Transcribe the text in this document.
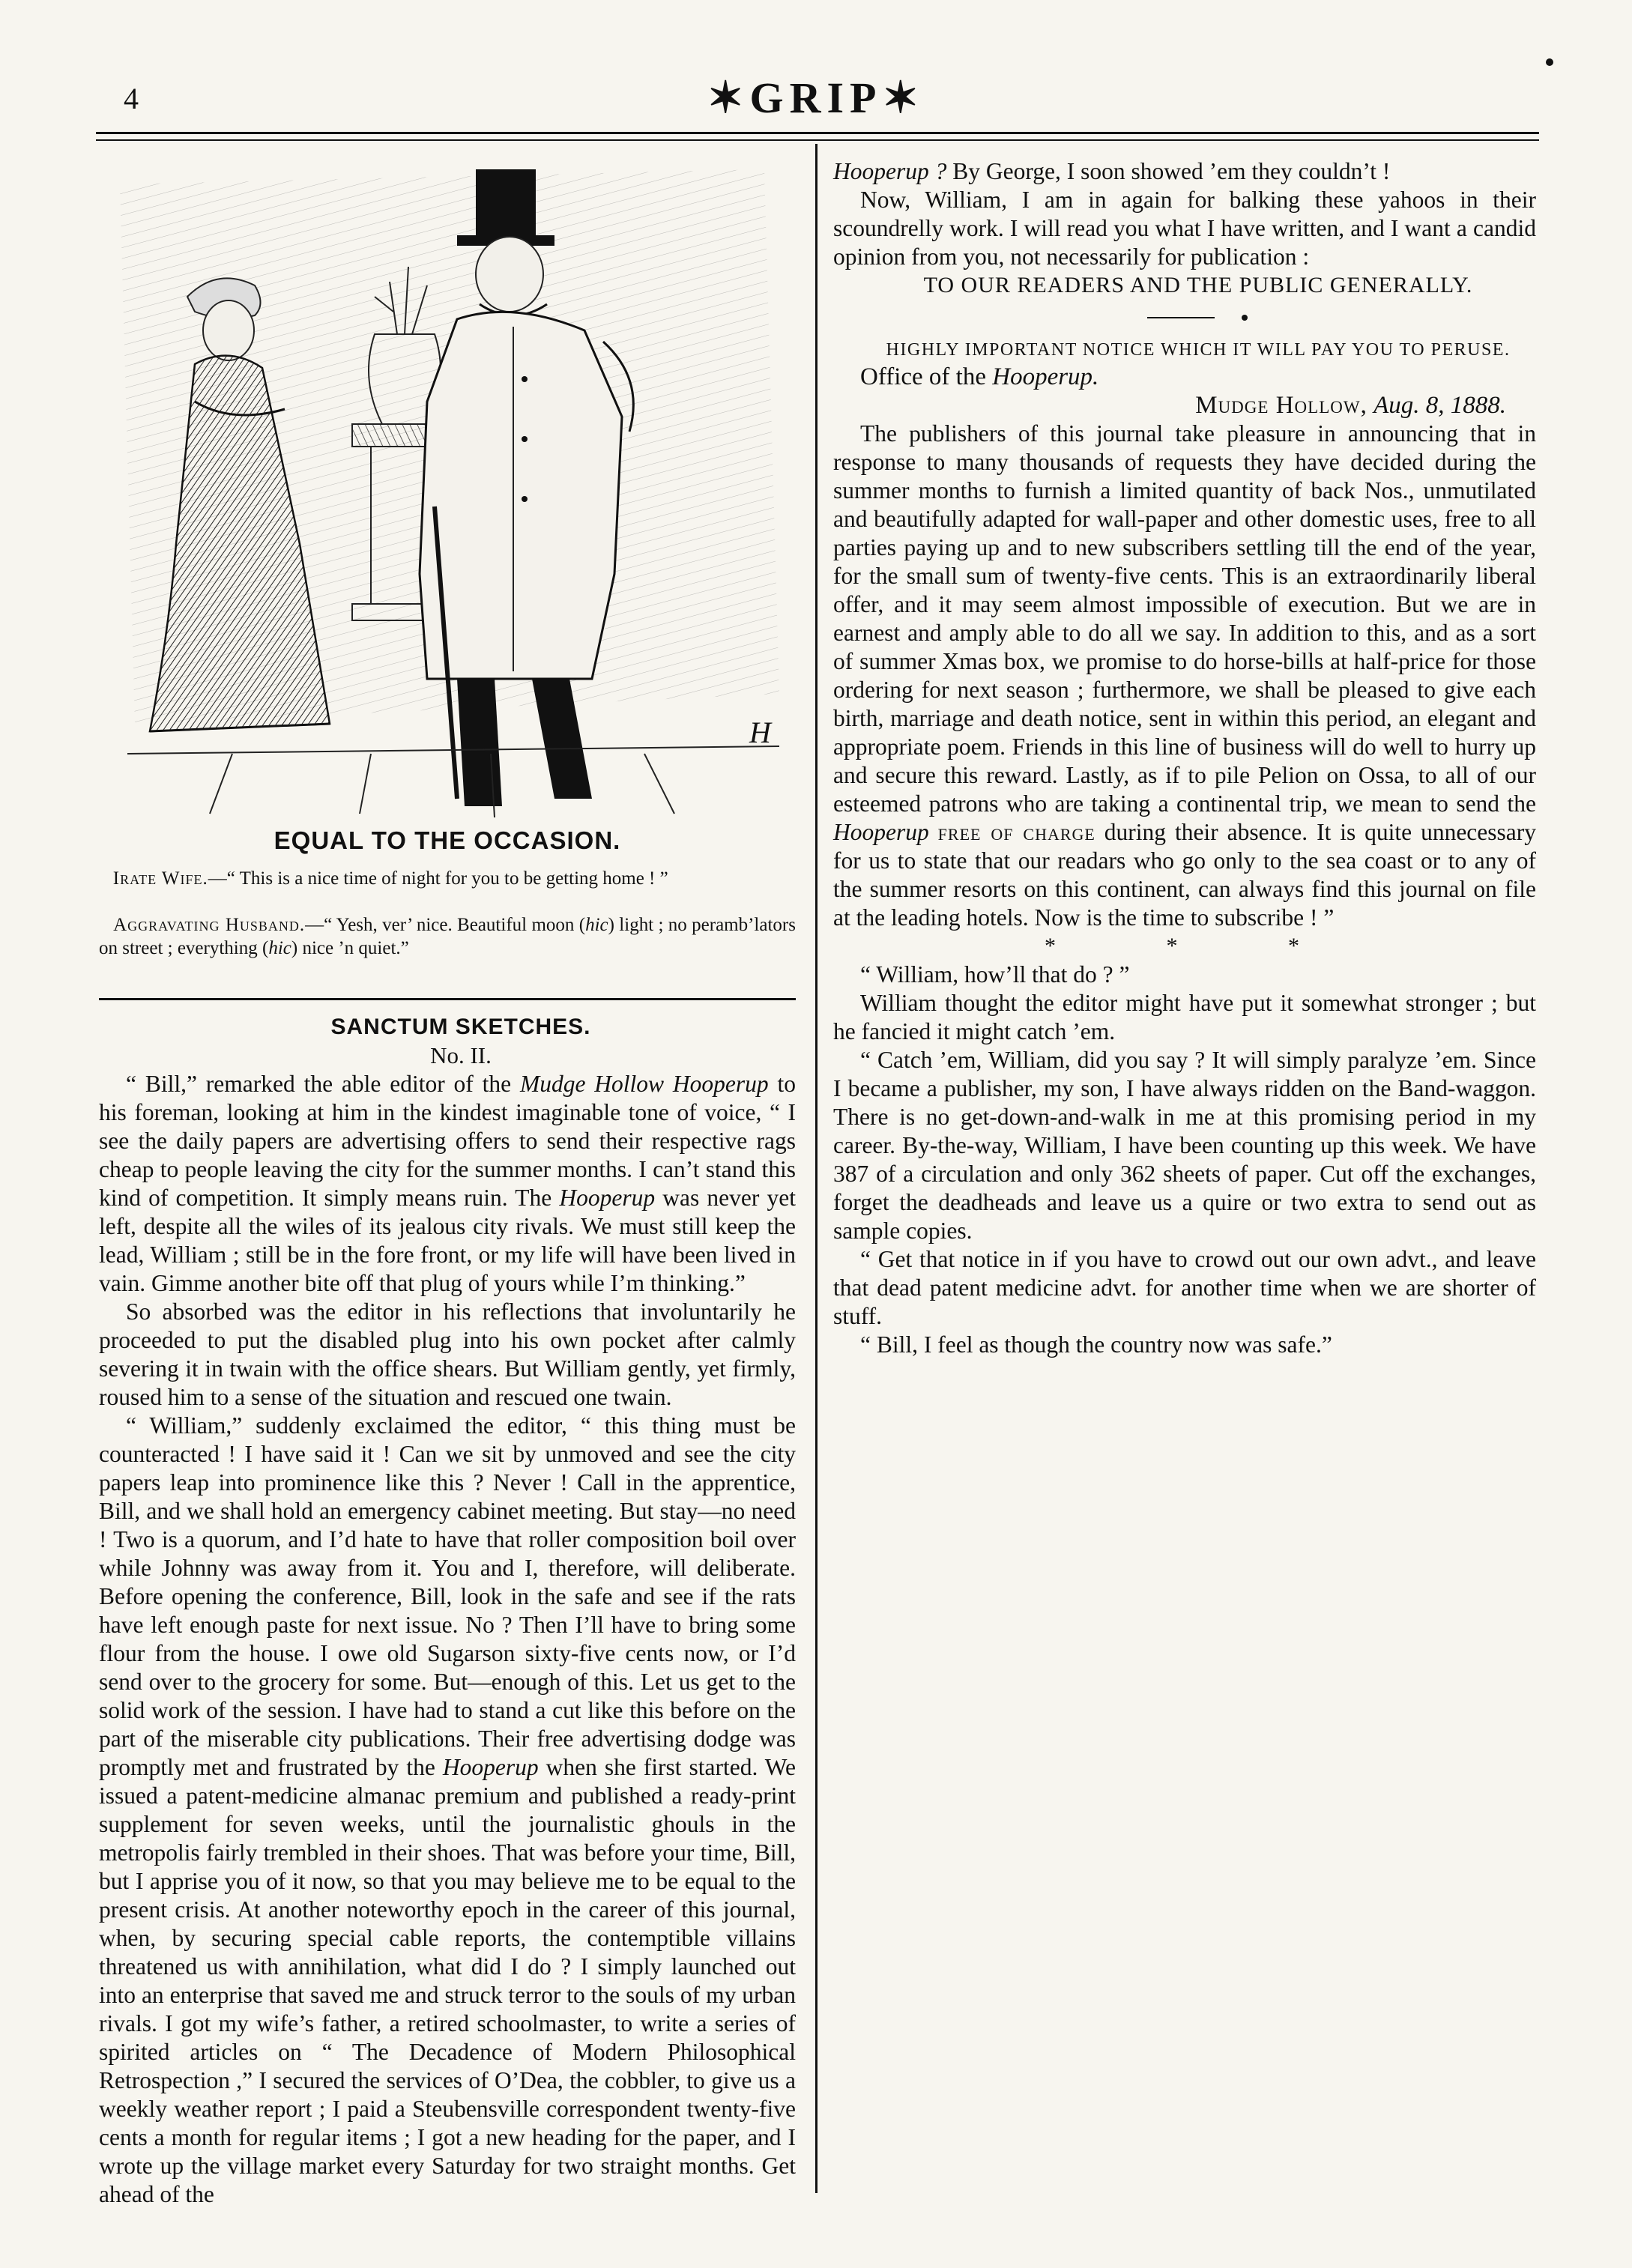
4	✶GRIP✶
H
EQUAL TO THE OCCASION.
Irate Wife.—“ This is a nice time of night for you to be getting home ! ”
Aggravating Husband.—“ Yesh, ver’ nice. Beautiful moon (hic) light ; no peramb’lators on street ; everything (hic) nice ’n quiet.”

SANCTUM SKETCHES.

No. II.

“ Bill,” remarked the able editor of the Mudge Hollow Hooperup to his foreman, looking at him in the kindest imaginable tone of voice, “ I see the daily papers are advertising offers to send their respective rags cheap to people leaving the city for the summer months. I can’t stand this kind of competition. It simply means ruin. The Hooperup was never yet left, despite all the wiles of its jealous city rivals. We must still keep the lead, William ; still be in the fore front, or my life will have been lived in vain. Gimme another bite off that plug of yours while I’m thinking.”

So absorbed was the editor in his reflections that involuntarily he proceeded to put the disabled plug into his own pocket after calmly severing it in twain with the office shears. But William gently, yet firmly, roused him to a sense of the situation and rescued one twain.

“ William,” suddenly exclaimed the editor, “ this thing must be counteracted ! I have said it ! Can we sit by unmoved and see the city papers leap into prominence like this ? Never ! Call in the apprentice, Bill, and we shall hold an emergency cabinet meeting. But stay—no need ! Two is a quorum, and I’d hate to have that roller composition boil over while Johnny was away from it. You and I, therefore, will deliberate. Before opening the conference, Bill, look in the safe and see if the rats have left enough paste for next issue. No ? Then I’ll have to bring some flour from the house. I owe old Sugarson sixty-five cents now, or I’d send over to the grocery for some. But—enough of this. Let us get to the solid work of the session. I have had to stand a cut like this before on the part of the miserable city publications. Their free advertising dodge was promptly met and frustrated by the Hooperup when she first started. We issued a patent-medicine almanac premium and published a ready-print supplement for seven weeks, until the journalistic ghouls in the metropolis fairly trembled in their shoes. That was before your time, Bill, but I apprise you of it now, so that you may believe me to be equal to the present crisis. At another noteworthy epoch in the career of this journal, when, by securing special cable reports, the contemptible villains threatened us with annihilation, what did I do ? I simply launched out into an enterprise that saved me and struck terror to the souls of my urban rivals. I got my wife’s father, a retired schoolmaster, to write a series of spirited articles on “ The Decadence of Modern Philosophical Retrospection ,” I secured the services of O’Dea, the cobbler, to give us a weekly weather report ; I paid a Steubensville correspondent twenty-five cents a month for regular items ; I got a new heading for the paper, and I wrote up the village market every Saturday for two straight months. Get ahead of the

Hooperup ? By George, I soon showed ’em they couldn’t !

Now, William, I am in again for balking these yahoos in their scoundrelly work. I will read you what I have written, and I want a candid opinion from you, not necessarily for publication :

TO OUR READERS AND THE PUBLIC GENERALLY.

HIGHLY IMPORTANT NOTICE WHICH IT WILL PAY YOU TO PERUSE.

Office of the Hooperup.

Mudge Hollow, Aug. 8, 1888.

The publishers of this journal take pleasure in announcing that in response to many thousands of requests they have decided during the summer months to furnish a limited quantity of back Nos., unmutilated and beautifully adapted for wall-paper and other domestic uses, free to all parties paying up and to new subscribers settling till the end of the year, for the small sum of twenty-five cents. This is an extraordinarily liberal offer, and it may seem almost impossible of execution. But we are in earnest and amply able to do all we say. In addition to this, and as a sort of summer Xmas box, we promise to do horse-bills at half-price for those ordering for next season ; furthermore, we shall be pleased to give each birth, marriage and death notice, sent in within this period, an elegant and appropriate poem. Friends in this line of business will do well to hurry up and secure this reward. Lastly, as if to pile Pelion on Ossa, to all of our esteemed patrons who are taking a continental trip, we mean to send the Hooperup free of charge during their absence. It is quite unnecessary for us to state that our readars who go only to the sea coast or to any of the summer resorts on this continent, can always find this journal on file at the leading hotels. Now is the time to subscribe ! ”

* * *

“ William, how’ll that do ? ”

William thought the editor might have put it somewhat stronger ; but he fancied it might catch ’em.

“ Catch ’em, William, did you say ? It will simply paralyze ’em. Since I became a publisher, my son, I have always ridden on the Band-waggon. There is no get-down-and-walk in me at this promising period in my career. By-the-way, William, I have been counting up this week. We have 387 of a circulation and only 362 sheets of paper. Cut off the exchanges, forget the deadheads and leave us a quire or two extra to send out as sample copies.

“ Get that notice in if you have to crowd out our own advt., and leave that dead patent medicine advt. for another time when we are shorter of stuff.

“ Bill, I feel as though the country now was safe.”
